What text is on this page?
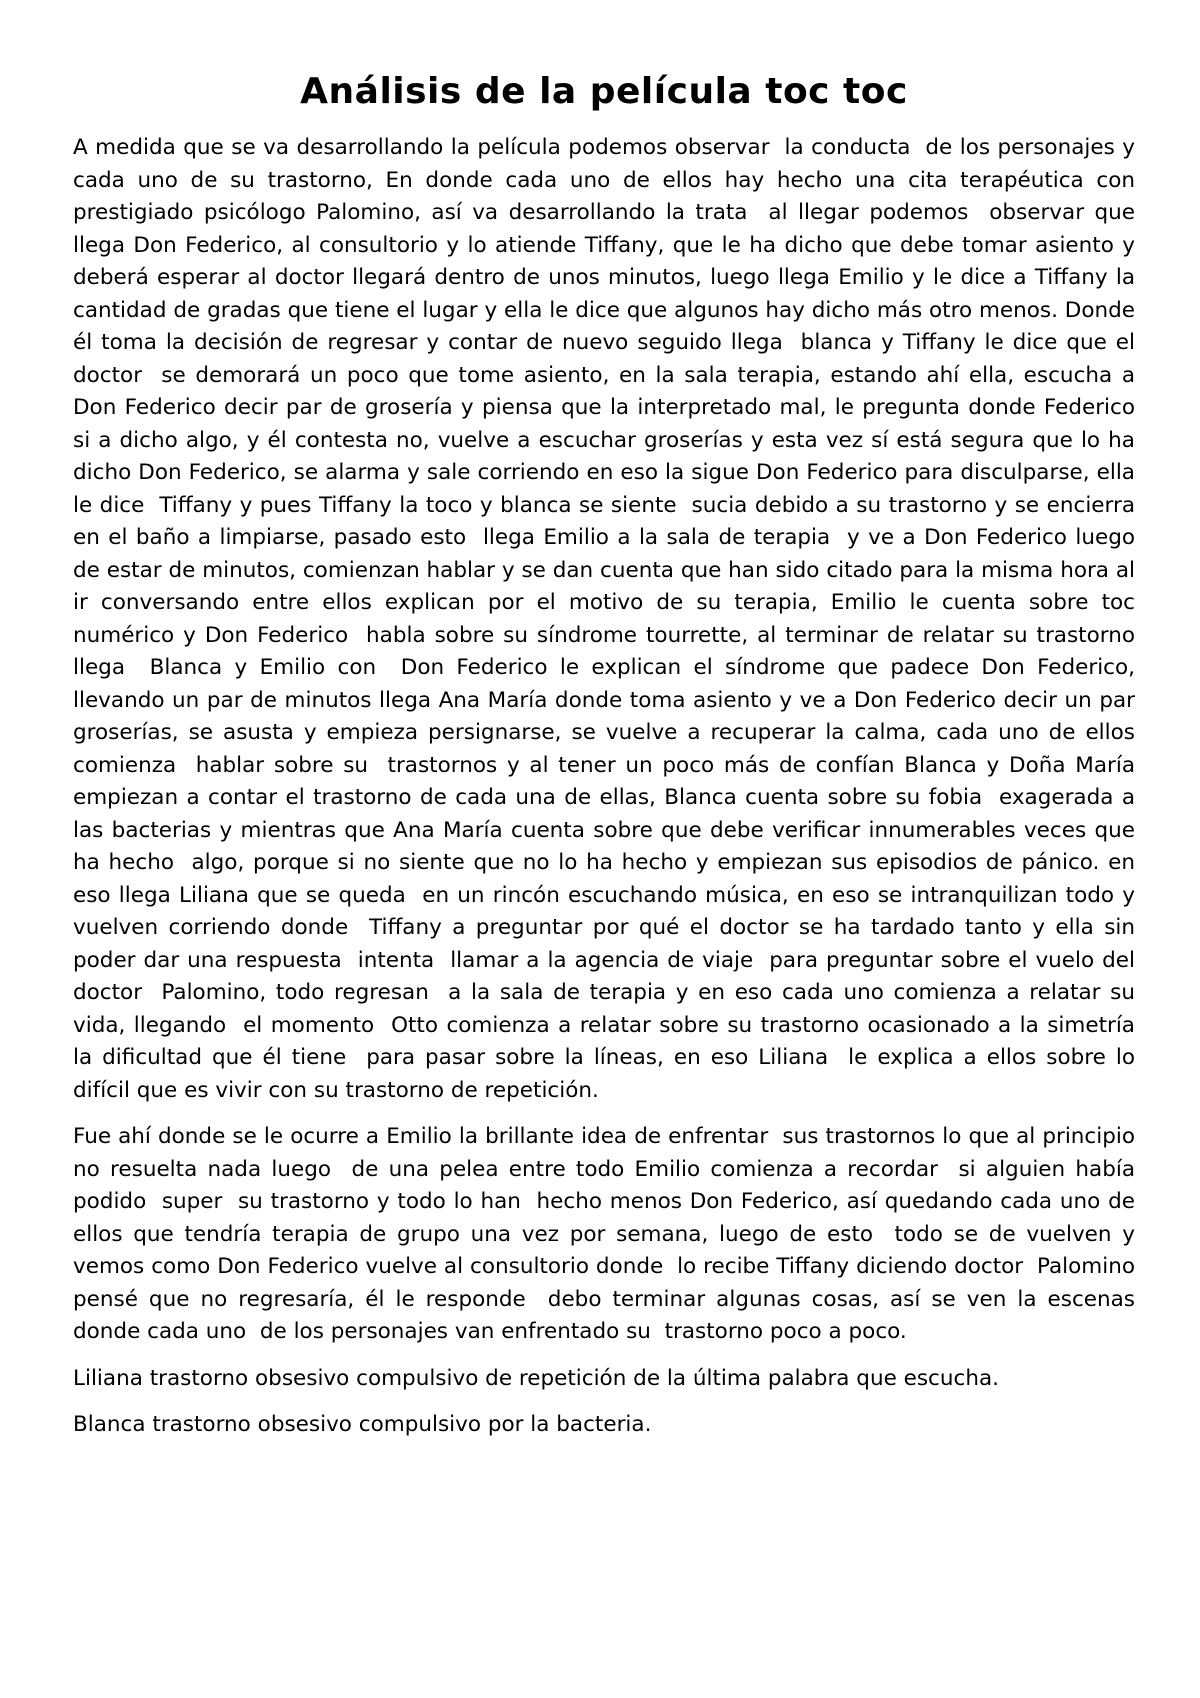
Análisis de la película toc toc

A medida que se va desarrollando la película podemos observar  la conducta  de los personajes y cada uno de su trastorno, En donde cada uno de ellos hay hecho una cita terapéutica con prestigiado psicólogo Palomino, así va desarrollando la trata  al llegar podemos  observar que llega Don Federico, al consultorio y lo atiende Tiffany, que le ha dicho que debe tomar asiento y deberá esperar al doctor llegará dentro de unos minutos, luego llega Emilio y le dice a Tiffany la cantidad de gradas que tiene el lugar y ella le dice que algunos hay dicho más otro menos. Donde él toma la decisión de regresar y contar de nuevo seguido llega  blanca y Tiffany le dice que el doctor  se demorará un poco que tome asiento, en la sala terapia, estando ahí ella, escucha a Don Federico decir par de grosería y piensa que la interpretado mal, le pregunta donde Federico si a dicho algo, y él contesta no, vuelve a escuchar groserías y esta vez sí está segura que lo ha dicho Don Federico, se alarma y sale corriendo en eso la sigue Don Federico para disculparse, ella le dice  Tiffany y pues Tiffany la toco y blanca se siente  sucia debido a su trastorno y se encierra  en el baño a limpiarse, pasado esto  llega Emilio a la sala de terapia  y ve a Don Federico luego de estar de minutos, comienzan hablar y se dan cuenta que han sido citado para la misma hora al ir conversando entre ellos explican por el motivo de su terapia, Emilio le cuenta sobre toc numérico y Don Federico  habla sobre su síndrome tourrette, al terminar de relatar su trastorno  llega  Blanca y Emilio con  Don Federico le explican el síndrome que padece Don Federico, llevando un par de minutos llega Ana María donde toma asiento y ve a Don Federico decir un par groserías, se asusta y empieza persignarse, se vuelve a recuperar la calma, cada uno de ellos comienza  hablar sobre su  trastornos y al tener un poco más de confían Blanca y Doña María empiezan a contar el trastorno de cada una de ellas, Blanca cuenta sobre su fobia  exagerada a las bacterias y mientras que Ana María cuenta sobre que debe verificar innumerables veces que  ha hecho  algo, porque si no siente que no lo ha hecho y empiezan sus episodios de pánico. en eso llega Liliana que se queda  en un rincón escuchando música, en eso se intranquilizan todo y vuelven corriendo donde  Tiffany a preguntar por qué el doctor se ha tardado tanto y ella sin poder dar una respuesta  intenta  llamar a la agencia de viaje  para preguntar sobre el vuelo del doctor  Palomino, todo regresan  a la sala de terapia y en eso cada uno comienza a relatar su vida, llegando  el momento  Otto comienza a relatar sobre su trastorno ocasionado a la simetría la dificultad que él tiene  para pasar sobre la líneas, en eso Liliana  le explica a ellos sobre lo difícil que es vivir con su trastorno de repetición.

Fue ahí donde se le ocurre a Emilio la brillante idea de enfrentar  sus trastornos lo que al principio no resuelta nada luego  de una pelea entre todo Emilio comienza a recordar  si alguien había podido  super  su trastorno y todo lo han  hecho menos Don Federico, así quedando cada uno de ellos que tendría terapia de grupo una vez por semana, luego de esto  todo se de vuelven y vemos como Don Federico vuelve al consultorio donde  lo recibe Tiffany diciendo doctor  Palomino pensé que no regresaría, él le responde  debo terminar algunas cosas, así se ven la escenas  donde cada uno  de los personajes van enfrentado su  trastorno poco a poco.

Liliana trastorno obsesivo compulsivo de repetición de la última palabra que escucha.

Blanca trastorno obsesivo compulsivo por la bacteria.
